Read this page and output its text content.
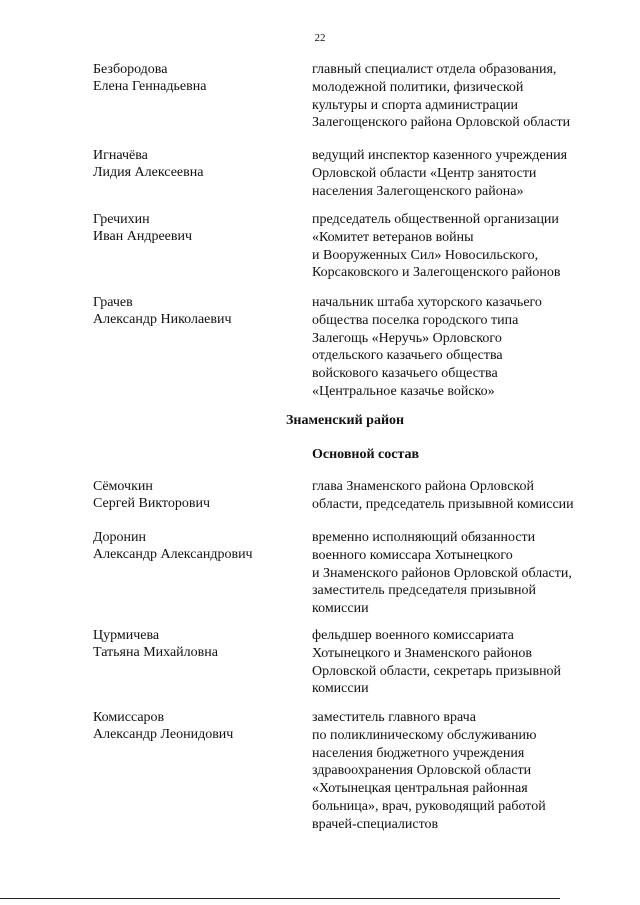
22
Безбородова
Елена Геннадьевна
главный специалист отдела образования,
молодежной политики, физической
культуры и спорта администрации
Залегощенского района Орловской области
Игначёва
Лидия Алексеевна
ведущий инспектор казенного учреждения
Орловской области «Центр занятости
населения Залегощенского района»
Гречихин
Иван Андреевич
председатель общественной организации
«Комитет ветеранов войны
и Вооруженных Сил» Новосильского,
Корсаковского и Залегощенского районов
Грачев
Александр Николаевич
начальник штаба хуторского казачьего
общества поселка городского типа
Залегощь «Неручь» Орловского
отдельского казачьего общества
войскового казачьего общества
«Центральное казачье войско»
Знаменский район
Основной состав
Сёмочкин
Сергей Викторович
глава Знаменского района Орловской
области, председатель призывной комиссии
Доронин
Александр Александрович
временно исполняющий обязанности
военного комиссара Хотынецкого
и Знаменского районов Орловской области,
заместитель председателя призывной
комиссии
Цурмичева
Татьяна Михайловна
фельдшер военного комиссариата
Хотынецкого и Знаменского районов
Орловской области, секретарь призывной
комиссии
Комиссаров
Александр Леонидович
заместитель главного врача
по поликлиническому обслуживанию
населения бюджетного учреждения
здравоохранения Орловской области
«Хотынецкая центральная районная
больница», врач, руководящий работой
врачей-специалистов
